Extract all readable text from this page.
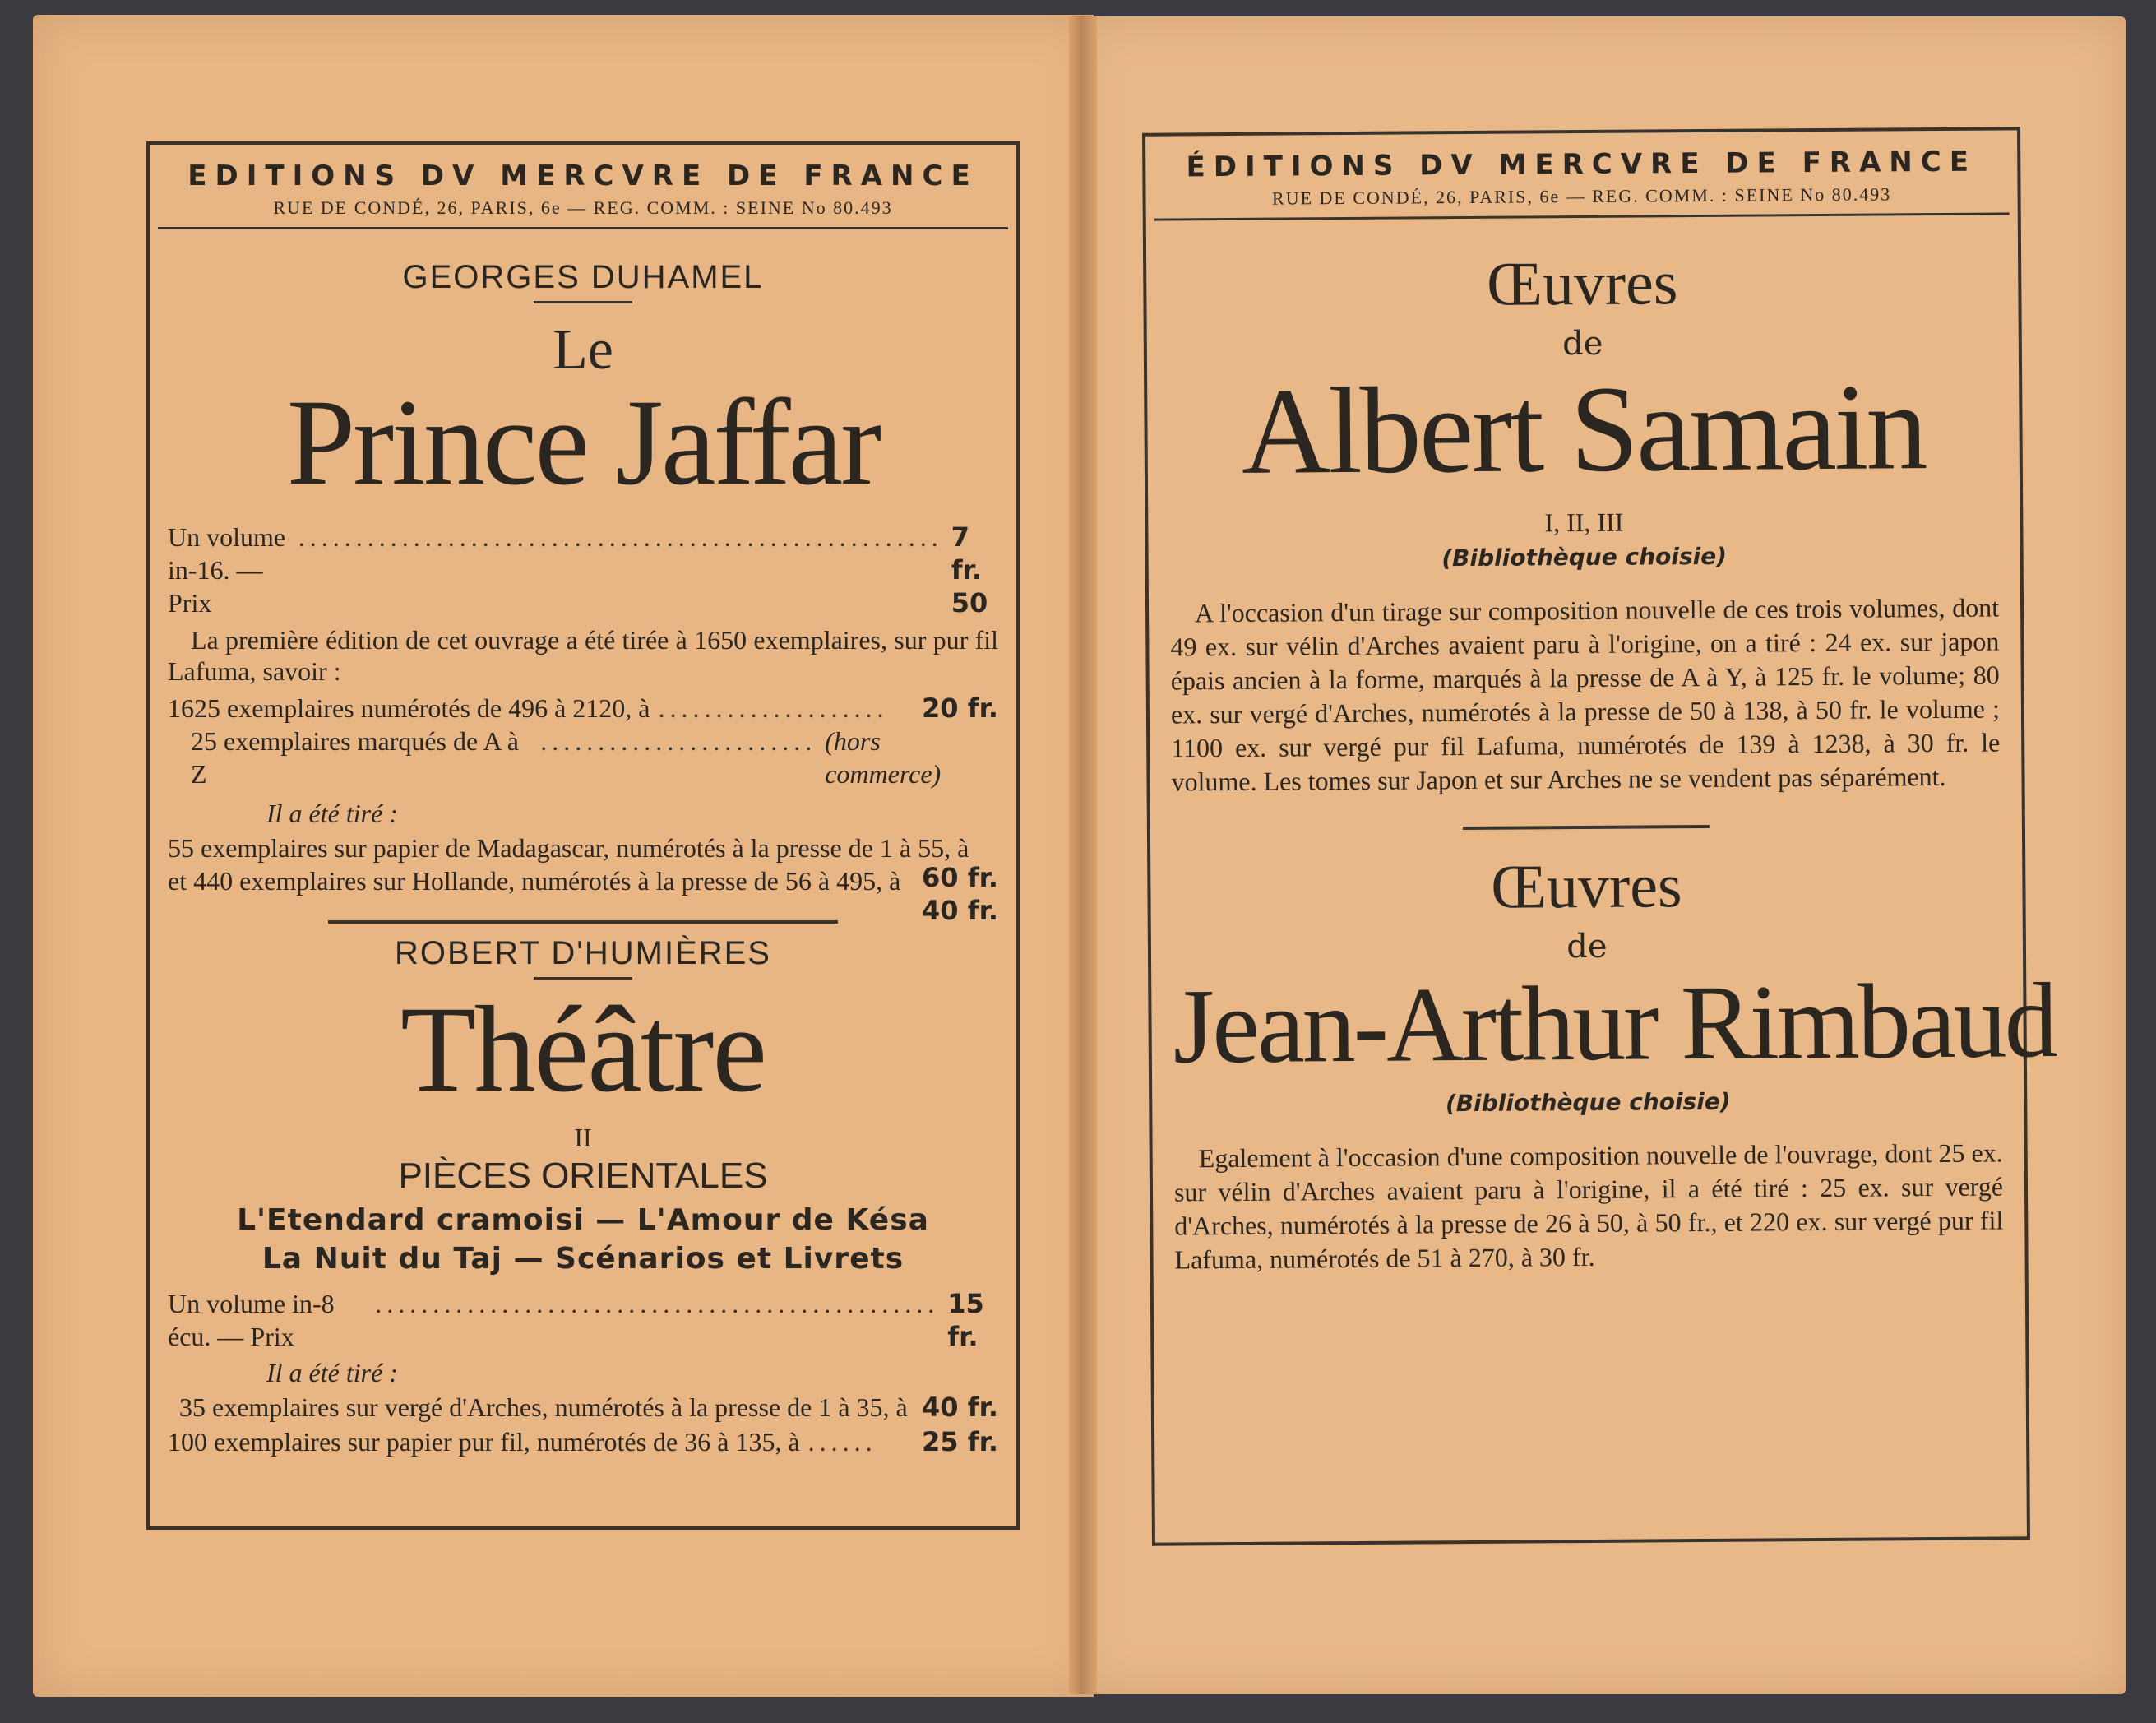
EDITIONS DV MERCVRE DE FRANCE
RUE DE CONDÉ, 26, PARIS, 6e — REG. COMM. : SEINE No 80.493
GEORGES DUHAMEL
Le
Prince Jaffar
Un volume in-16. — Prix
........................................................ 7 fr. 50
La première édition de cet ouvrage a été tirée à 1650 exemplaires, sur pur fil Lafuma, savoir :
1625 exemplaires numérotés de 496 à 2120, à ....................	20 fr.
25 exemplaires marqués de A à Z
........................ (hors commerce)
Il a été tiré :
55 exemplaires sur papier de Madagascar, numérotés à la presse de 1 à 55, à
60 fr.
et 440 exemplaires sur Hollande, numérotés à la presse de 56 à 495, à
40 fr.
ROBERT D'HUMIÈRES
Théâtre
II
PIÈCES ORIENTALES
L'Etendard cramoisi — L'Amour de Késa
La Nuit du Taj — Scénarios et Livrets
Un volume in-8 écu. — Prix
................................................. 15 fr.
Il a été tiré :
35 exemplaires sur vergé d'Arches, numérotés à la presse de 1 à 35, à 40 fr.
100 exemplaires sur papier pur fil, numérotés de 36 à 135, à ......	25 fr.
ÉDITIONS DV MERCVRE DE FRANCE
RUE DE CONDÉ, 26, PARIS, 6e — REG. COMM. : SEINE No 80.493
Œuvres
de
Albert Samain
I, II, III
(Bibliothèque choisie)
A l'occasion d'un tirage sur composition nouvelle de ces trois volumes, dont 49 ex. sur vélin d'Arches avaient paru à l'origine, on a tiré : 24 ex. sur japon épais ancien à la forme, marqués à la presse de A à Y, à 125 fr. le volume; 80 ex. sur vergé d'Arches, numérotés à la presse de 50 à 138, à 50 fr. le volume ; 1100 ex. sur vergé pur fil Lafuma, numérotés de 139 à 1238, à 30 fr. le volume. Les tomes sur Japon et sur Arches ne se vendent pas séparément.
Œuvres
de
Jean-Arthur Rimbaud
(Bibliothèque choisie)
Egalement à l'occasion d'une composition nouvelle de l'ouvrage, dont 25 ex. sur vélin d'Arches avaient paru à l'origine, il a été tiré : 25 ex. sur vergé d'Arches, numérotés à la presse de 26 à 50, à 50 fr., et 220 ex. sur vergé pur fil Lafuma, numérotés de 51 à 270, à 30 fr.
